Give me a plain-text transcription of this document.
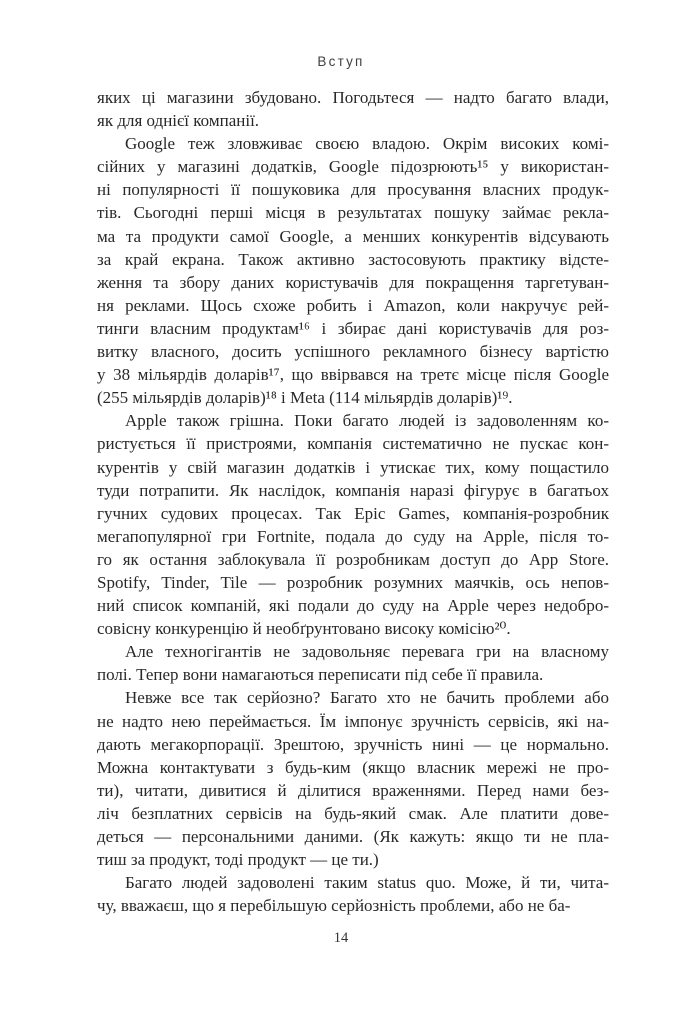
Вступ
яких ці магазини збудовано. Погодьтеся — надто багато влади,
як для однієї компанії.
Google теж зловживає своєю владою. Окрім високих комі-
сійних у магазині додатків, Google підозрюють¹⁵ у використан-
ні популярності її пошуковика для просування власних продук-
тів. Сьогодні перші місця в результатах пошуку займає рекла-
ма та продукти самої Google, а менших конкурентів відсувають
за край екрана. Також активно застосовують практику відсте-
ження та збору даних користувачів для покращення таргетуван-
ня реклами. Щось схоже робить і Amazon, коли накручує рей-
тинги власним продуктам¹⁶ і збирає дані користувачів для роз-
витку власного, досить успішного рекламного бізнесу вартістю
у 38 мільярдів доларів¹⁷, що ввірвався на третє місце після Google
(255 мільярдів доларів)¹⁸ і Meta (114 мільярдів доларів)¹⁹.
Apple також грішна. Поки багато людей із задоволенням ко-
ристується її пристроями, компанія систематично не пускає кон-
курентів у свій магазин додатків і утискає тих, кому пощастило
туди потрапити. Як наслідок, компанія наразі фігурує в багатьох
гучних судових процесах. Так Epic Games, компанія-розробник
мегапопулярної гри Fortnite, подала до суду на Apple, після то-
го як остання заблокувала її розробникам доступ до App Store.
Spotify, Tinder, Tile — розробник розумних маячків, ось непов-
ний список компаній, які подали до суду на Apple через недобро-
совісну конкуренцію й необґрунтовано високу комісію²⁰.
Але техногігантів не задовольняє перевага гри на власному
полі. Тепер вони намагаються переписати під себе її правила.
Невже все так серйозно? Багато хто не бачить проблеми або
не надто нею переймається. Їм імпонує зручність сервісів, які на-
дають мегакорпорації. Зрештою, зручність нині — це нормально.
Можна контактувати з будь-ким (якщо власник мережі не про-
ти), читати, дивитися й ділитися враженнями. Перед нами без-
ліч безплатних сервісів на будь-який смак. Але платити дове-
деться — персональними даними. (Як кажуть: якщо ти не пла-
тиш за продукт, тоді продукт — це ти.)
Багато людей задоволені таким status quo. Може, й ти, чита-
чу, вважаєш, що я перебільшую серйозність проблеми, або не ба-
14
